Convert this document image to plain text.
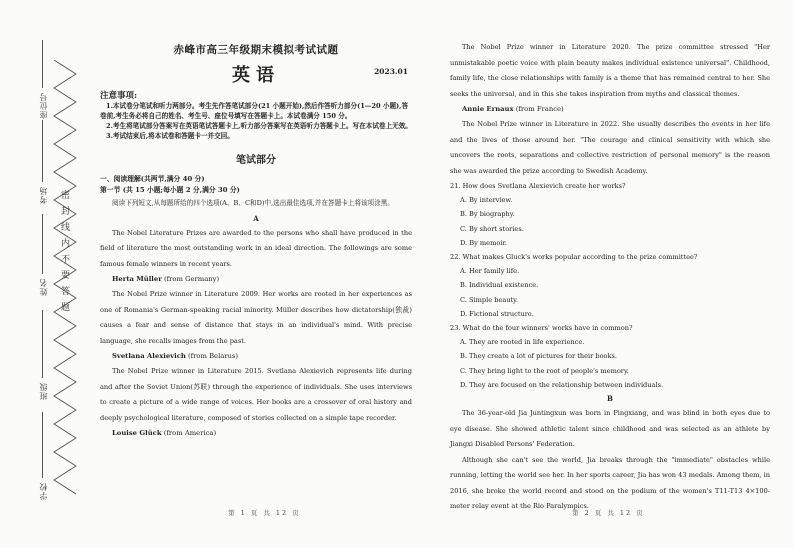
座位号
考场
姓名
班级
学校
密封线内不要答题
赤峰市高三年级期末模拟考试试题
英语	2023.01
注意事项:

1.本试卷分笔试和听力两部分。考生先作答笔试部分(21 小题开始),然后作答听力部分(1—20 小题),答卷前,考生务必将自己的姓名、考生号、座位号填写在答题卡上。本试卷满分 150 分。

2.考生将笔试部分答案写在英语笔试答题卡上,听力部分答案写在英语听力答题卡上。写在本试卷上无效。

3.考试结束后,将本试卷和答题卡一并交回。

笔试部分
一、阅读理解(共两节,满分 40 分)
第一节 (共 15 小题;每小题 2 分,满分 30 分)

阅读下列短文,从每题所给的四个选项(A、B、C和D)中,选出最佳选项,并在答题卡上将该项涂黑。

A

The Nobel Literature Prizes are awarded to the persons who shall have produced in the field of literature the most outstanding work in an ideal direction. The followings are some famous female winners in recent years.

Herta Müller (from Germany)

The Nobel Prize winner in Literature 2009. Her works are rooted in her experiences as one of Romania's German-speaking racial minority. Müller describes how dictatorship(独裁) causes a fear and sense of distance that stays in an individual's mind. With precise language, she recalls images from the past.

Svetlana Alexievich (from Belarus)

The Nobel Prize winner in Literature 2015. Svetlana Alexievich represents life during and after the Soviet Union(苏联) through the experience of individuals. She uses interviews to create a picture of a wide range of voices. Her books are a crossover of oral history and deeply psychological literature, composed of stories collected on a simple tape recorder.

Louise Glück (from America)

The Nobel Prize winner in Literature 2020. The prize committee stressed "Her unmistakable poetic voice with plain beauty makes individual existence universal". Childhood, family life, the close relationships with family is a theme that has remained central to her. She seeks the universal, and in this she takes inspiration from myths and classical themes.

Annie Ernaux (from France)

The Nobel Prize winner in Literature in 2022. She usually describes the events in her life and the lives of those around her. "The courage and clinical sensitivity with which she uncovers the roots, separations and collective restriction of personal memory" is the reason she was awarded the prize according to Swedish Academy.

21. How does Svetlana Alexievich create her works?

A. By interview.

B. By biography.

C. By short stories.

D. By memoir.

22. What makes Gluck's works popular according to the prize committee?

A. Her family life.

B. Individual existence.

C. Simple beauty.

D. Fictional structure.

23. What do the four winners' works have in common?

A. They are rooted in life experience.

B. They create a lot of pictures for their books.

C. They bring light to the root of people's memory.

D. They are focused on the relationship between individuals.

B

The 36-year-old Jia Juntingxun was born in Pingxiang, and was blind in both eyes due to eye disease. She showed athletic talent since childhood and was selected as an athlete by Jiangxi Disabled Persons' Federation.

Although she can't see the world, Jia breaks through the "immediate" obstacles while running, letting the world see her. In her sports career, Jia has won 43 medals. Among them, in 2016, she broke the world record and stood on the podium of the women's T11-T13 4×100-meter relay event at the Rio Paralympics.

第 1 页 共 12 页	第 2 页 共 12 页
